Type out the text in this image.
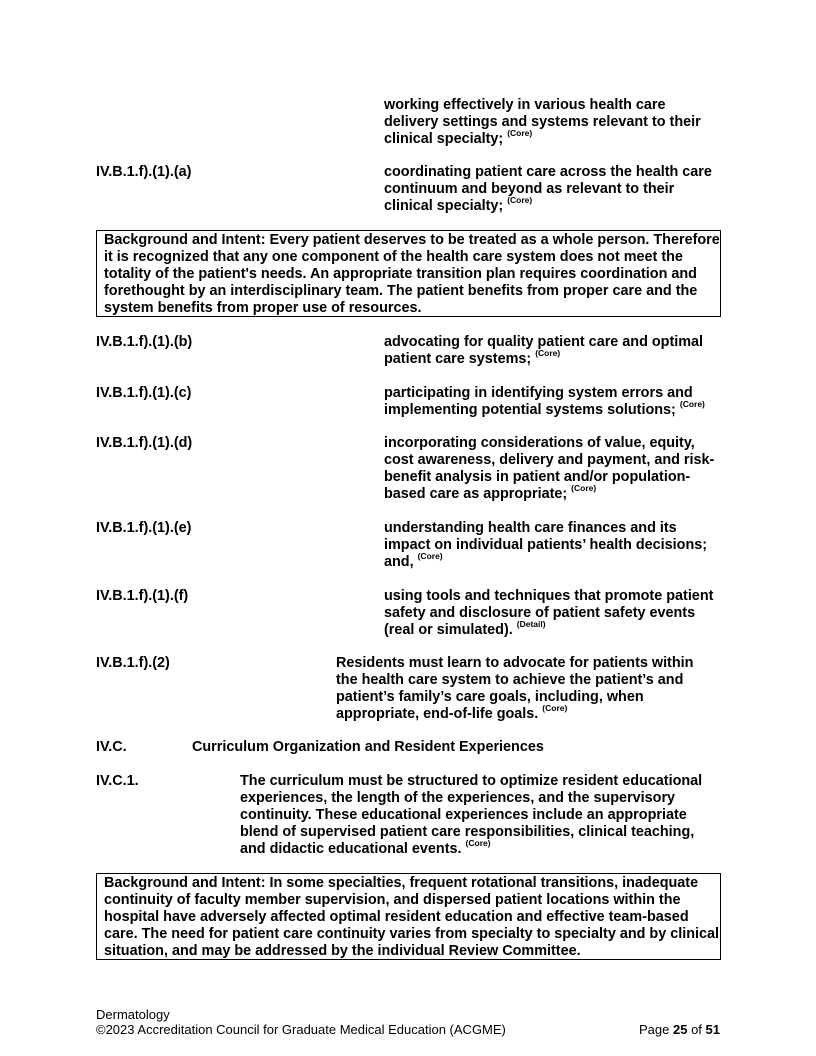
working effectively in various health care delivery settings and systems relevant to their clinical specialty; $^{(Core)}$
IV.B.1.f).(1).(a)	coordinating patient care across the health care continuum and beyond as relevant to their clinical specialty; $^{(Core)}$
Background and Intent: Every patient deserves to be treated as a whole person. Therefore it is recognized that any one component of the health care system does not meet the totality of the patient's needs. An appropriate transition plan requires coordination and forethought by an interdisciplinary team. The patient benefits from proper care and the system benefits from proper use of resources.
IV.B.1.f).(1).(b)	advocating for quality patient care and optimal patient care systems; $^{(Core)}$
IV.B.1.f).(1).(c)	participating in identifying system errors and implementing potential systems solutions; $^{(Core)}$
IV.B.1.f).(1).(d)	incorporating considerations of value, equity, cost awareness, delivery and payment, and risk-benefit analysis in patient and/or population-based care as appropriate; $^{(Core)}$
IV.B.1.f).(1).(e)	understanding health care finances and its impact on individual patients’ health decisions; and, $^{(Core)}$
IV.B.1.f).(1).(f)	using tools and techniques that promote patient safety and disclosure of patient safety events (real or simulated). $^{(Detail)}$
IV.B.1.f).(2)	Residents must learn to advocate for patients within the health care system to achieve the patient’s and patient’s family’s care goals, including, when appropriate, end-of-life goals. $^{(Core)}$
IV.C.	Curriculum Organization and Resident Experiences
IV.C.1.	The curriculum must be structured to optimize resident educational experiences, the length of the experiences, and the supervisory continuity. These educational experiences include an appropriate blend of supervised patient care responsibilities, clinical teaching, and didactic educational events. $^{(Core)}$
Background and Intent: In some specialties, frequent rotational transitions, inadequate continuity of faculty member supervision, and dispersed patient locations within the hospital have adversely affected optimal resident education and effective team-based care. The need for patient care continuity varies from specialty to specialty and by clinical situation, and may be addressed by the individual Review Committee.
Dermatology
©2023 Accreditation Council for Graduate Medical Education (ACGME)	Page 25 of 51
